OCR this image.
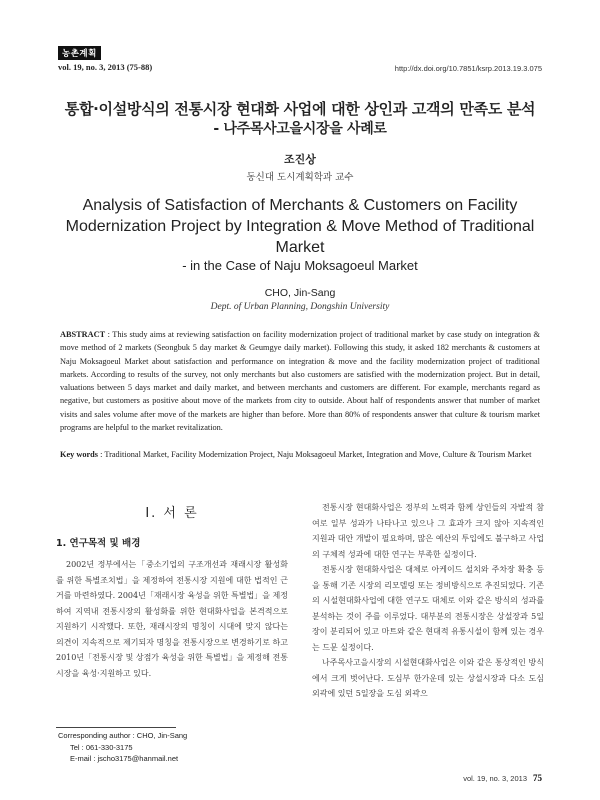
농촌계획
vol. 19, no. 3, 2013 (75-88)	http://dx.doi.org/10.7851/ksrp.2013.19.3.075
통합·이설방식의 전통시장 현대화 사업에 대한 상인과 고객의 만족도 분석
- 나주목사고을시장을 사례로
조진상
동신대 도시계획학과 교수
Analysis of Satisfaction of Merchants & Customers on Facility Modernization Project by Integration & Move Method of Traditional Market
- in the Case of Naju Moksagoeul Market
CHO, Jin-Sang
Dept. of Urban Planning, Dongshin University
ABSTRACT : This study aims at reviewing satisfaction on facility modernization project of traditional market by case study on integration & move method of 2 markets (Seongbuk 5 day market & Geumgye daily market). Following this study, it asked 182 merchants & customers at Naju Moksagoeul Market about satisfaction and performance on integration & move and the facility modernization project of traditional markets. According to results of the survey, not only merchants but also customers are satisfied with the modernization project. But in detail, valuations between 5 days market and daily market, and between merchants and customers are different. For example, merchants regard as negative, but customers as positive about move of the markets from city to outside. About half of respondents answer that number of market visits and sales volume after move of the markets are higher than before. More than 80% of respondents answer that culture & tourism market programs are helpful to the market revitalization.
Key words : Traditional Market, Facility Modernization Project, Naju Moksagoeul Market, Integration and Move, Culture & Tourism Market
I. 서 론
1. 연구목적 및 배경

2002년 정부에서는「중소기업의 구조개선과 재래시장 활성화를 위한 특별조치법」을 제정하여 전통시장 지원에 대한 법적인 근거를 마련하였다. 2004년「재래시장 육성을 위한 특별법」을 제정하여 지역내 전통시장의 활성화를 위한 현대화사업을 본격적으로 지원하기 시작했다. 또한, 재래시장의 명칭이 시대에 맞지 않다는 의견이 지속적으로 제기되자 명칭을 전통시장으로 변경하기로 하고 2010년「전통시장 및 상점가 육성을 위한 특별법」을 제정해 전통시장을 육성·지원하고 있다.

전통시장 현대화사업은 정부의 노력과 함께 상인들의 자발적 참여로 일부 성과가 나타나고 있으나 그 효과가 크지 않아 지속적인 지원과 대안 개발이 필요하며, 많은 예산의 투입에도 불구하고 사업의 구체적 성과에 대한 연구는 부족한 실정이다.

전통시장 현대화사업은 대체로 아케이드 설치와 주차장 확충 등을 통해 기존 시장의 리모델링 또는 정비방식으로 추진되었다. 기존의 시설현대화사업에 대한 연구도 대체로 이와 같은 방식의 성과를 분석하는 것이 주를 이루었다. 대부분의 전통시장은 상설장과 5일장이 분리되어 있고 마트와 같은 현대적 유통시설이 함께 있는 경우는 드문 실정이다.

나주목사고을시장의 시설현대화사업은 이와 같은 통상적인 방식에서 크게 벗어난다. 도심부 한가운데 있는 상설시장과 다소 도심 외곽에 있던 5일장을 도심 외곽으

Corresponding author : CHO, Jin-Sang
Tel : 061-330-3175
E-mail : jscho3175@hanmail.net
vol. 19, no. 3, 2013 75
